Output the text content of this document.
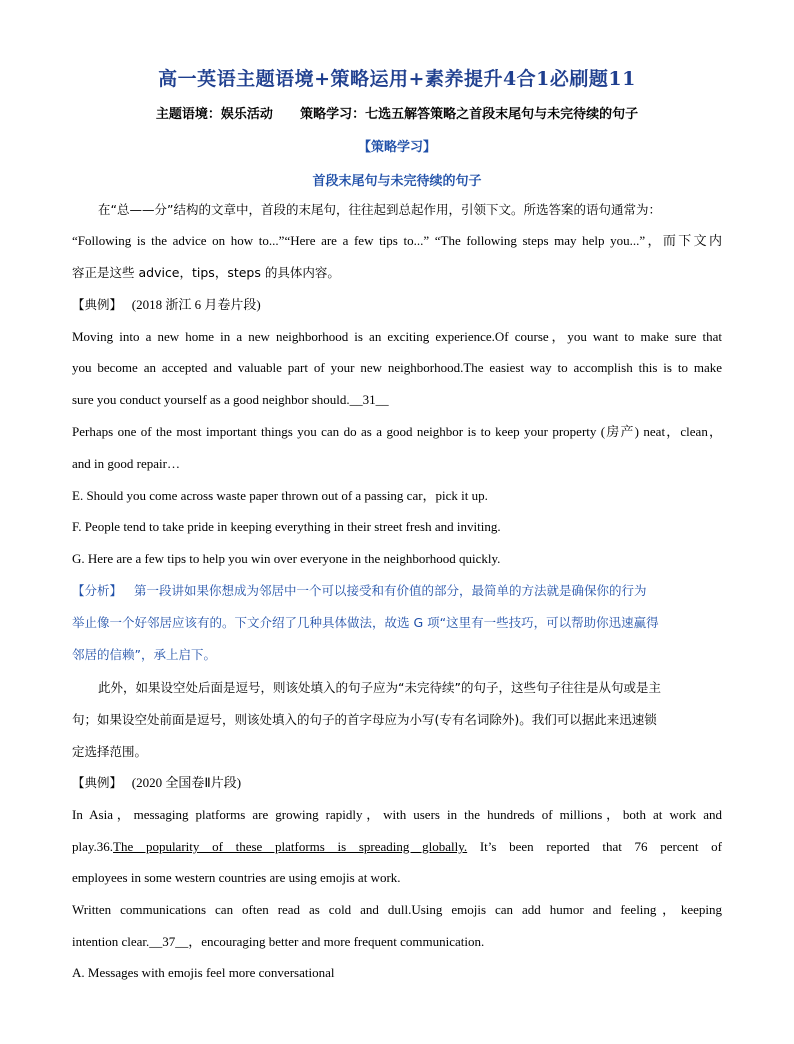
高一英语主题语境+策略运用+素养提升4合1必刷题11
主题语境：娱乐活动 策略学习：七选五解答策略之首段末尾句与未完待续的句子
【策略学习】
首段末尾句与未完待续的句子
在“总——分”结构的文章中，首段的末尾句，往往起到总起作用，引领下文。所选答案的语句通常为：
“Following is the advice on how to...”“Here are a few tips to...” “The following steps may help you...”，而下文内
容正是这些 advice，tips，steps 的具体内容。
【典例】 (2018 浙江 6 月卷片段)
Moving into a new home in a new neighborhood is an exciting experience.Of course，you want to make sure that
you become an accepted and valuable part of your new neighborhood.The easiest way to accomplish this is to make
sure you conduct yourself as a good neighbor should.__31__
Perhaps one of the most important things you can do as a good neighbor is to keep your property (房产) neat，clean，
and in good repair…
E. Should you come across waste paper thrown out of a passing car，pick it up.
F. People tend to take pride in keeping everything in their street fresh and inviting.
G. Here are a few tips to help you win over everyone in the neighborhood quickly.
【分析】 第一段讲如果你想成为邻居中一个可以接受和有价值的部分，最简单的方法就是确保你的行为
举止像一个好邻居应该有的。下文介绍了几种具体做法，故选 G 项“这里有一些技巧，可以帮助你迅速赢得
邻居的信赖”，承上启下。
此外，如果设空处后面是逗号，则该处填入的句子应为“未完待续”的句子，这些句子往往是从句或是主
句；如果设空处前面是逗号，则该处填入的句子的首字母应为小写(专有名词除外)。我们可以据此来迅速锁
定选择范围。
【典例】 (2020 全国卷Ⅱ片段)
In Asia，messaging platforms are growing rapidly，with users in the hundreds of millions，both at work and
play.36.The popularity of these platforms is spreading globally. It’s been reported that 76 percent of
employees in some western countries are using emojis at work.
Written communications can often read as cold and dull.Using emojis can add humor and feeling，keeping
intention clear.__37__，encouraging better and more frequent communication.
A. Messages with emojis feel more conversational
